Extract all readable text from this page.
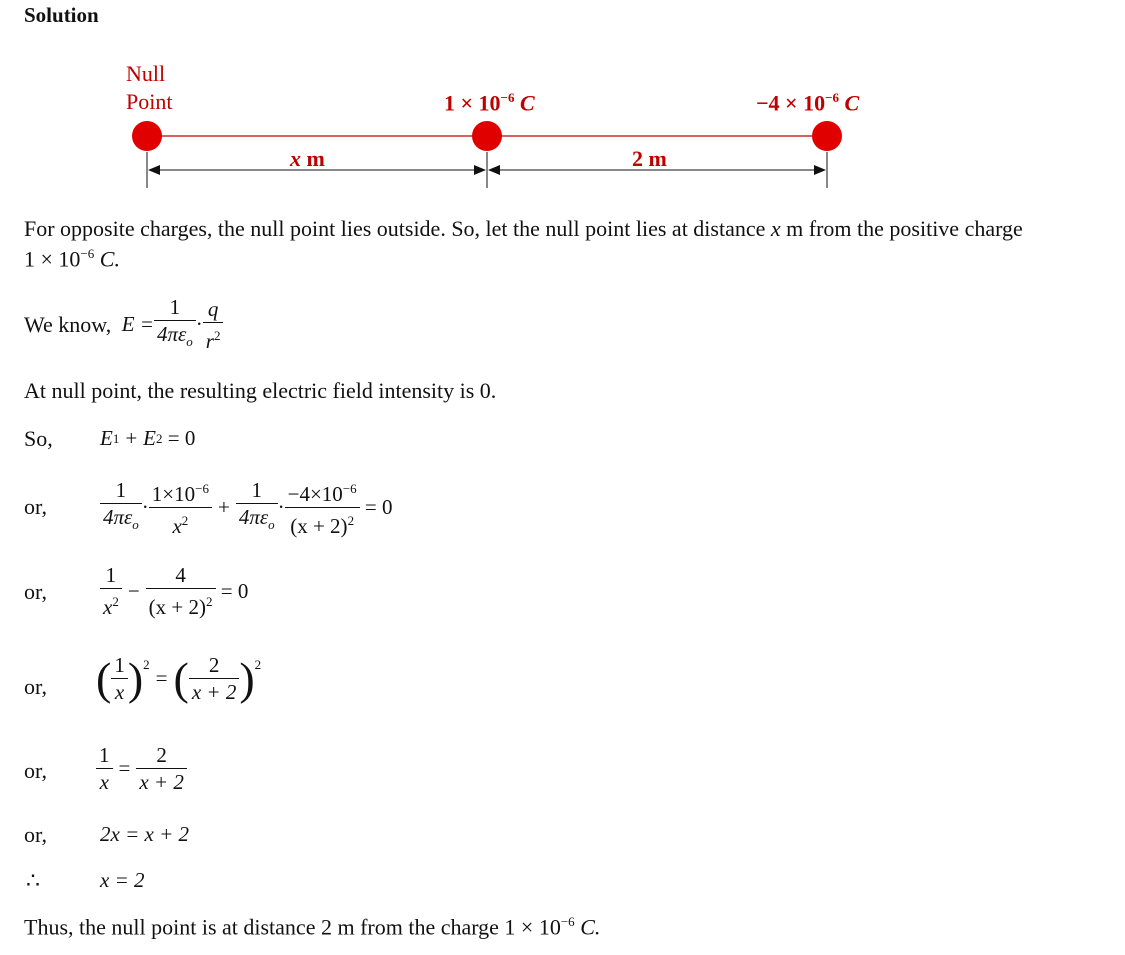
Solution
Null
Point	$1 \times 10^{-6}$ C	$-4 \times 10^{-6}$ C
x m	2 m
For opposite charges, the null point lies outside. So, let the null point lies at distance x m from the positive charge
$1 \times 10^{-6}$ C.
We know,
$E = \frac{1}{4\pi\varepsilon_o} \cdot \frac{q}{r^2}$
At null point, the resulting electric field intensity is 0.
So, E 1 + E 2
= 0
or,	$\frac{1}{4\pi\varepsilon_o} \cdot \frac{1\times 10^{-6}}{x^2} + \frac{1}{4\pi\varepsilon_o} \cdot \frac{-4\times 10^{-6}}{(x + 2)^2}$
= 0
or,	$\frac{1}{x^2} - \frac{4}{(x + 2)^2}$
= 0
or, ( $\frac{1}{x}$ ) 2
= ( $\frac{2}{x + 2}$ ) 2
or, $\frac{1}{x} = \frac{2}{x + 2}$
or,	2x = x + 2
∴	x = 2
Thus, the null point is at distance 2 m from the charge $1 \times 10^{-6}$ C.
